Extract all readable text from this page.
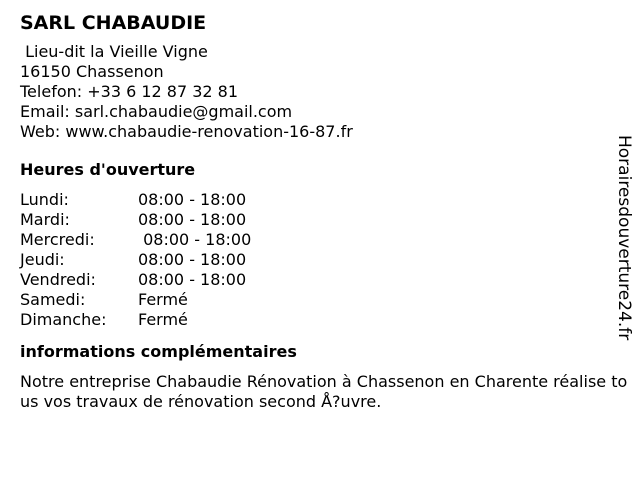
SARL CHABAUDIE
Lieu-dit la Vieille Vigne
16150 Chassenon
Telefon: +33 6 12 87 32 81
Email: sarl.chabaudie@gmail.com
Web: www.chabaudie-renovation-16-87.fr
Heures d'ouverture
Lundi:	08:00 - 18:00
Mardi:	08:00 - 18:00
Mercredi:	08:00 - 18:00
Jeudi:	08:00 - 18:00
Vendredi:	08:00 - 18:00
Samedi:	Fermé
Dimanche:	Fermé
informations complémentaires
Notre entreprise Chabaudie Rénovation à Chassenon en Charente réalise tous vos travaux de rénovation second Å?uvre.
Horairesdouverture24.fr
